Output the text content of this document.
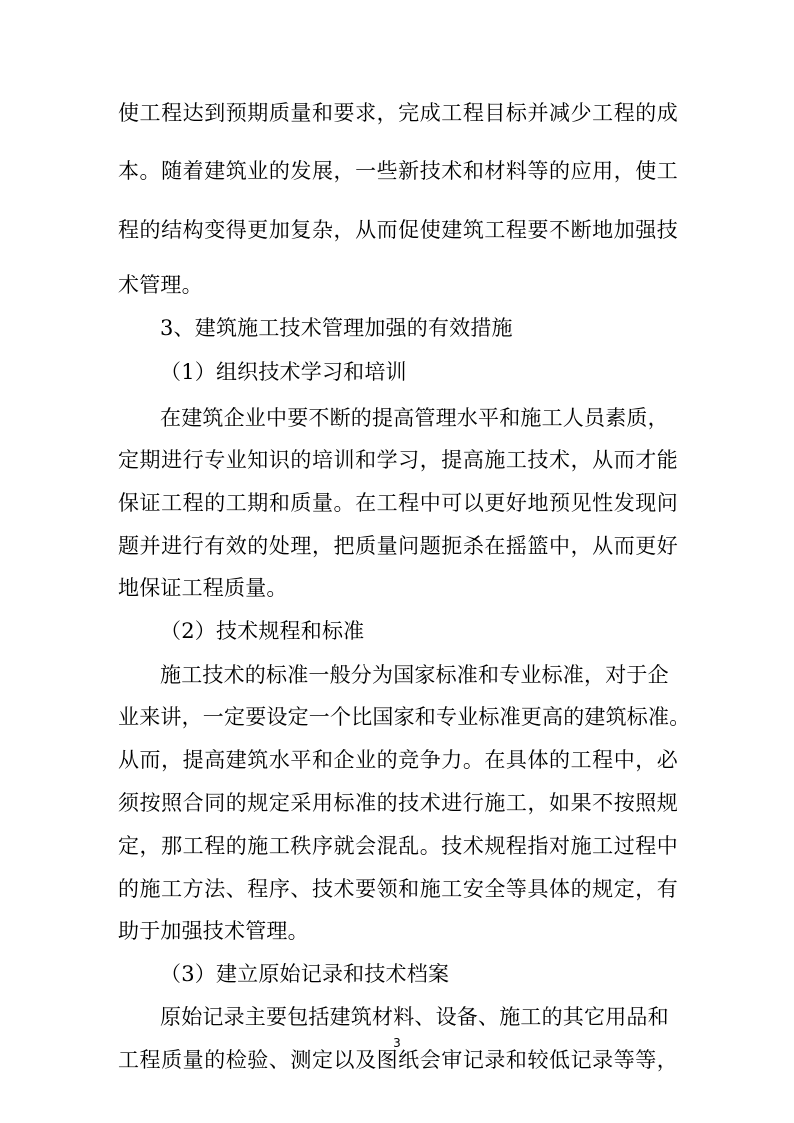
使工程达到预期质量和要求，完成工程目标并减少工程的成
本。随着建筑业的发展，一些新技术和材料等的应用，使工
程的结构变得更加复杂，从而促使建筑工程要不断地加强技
术管理。
3、建筑施工技术管理加强的有效措施
（1）组织技术学习和培训
在建筑企业中要不断的提高管理水平和施工人员素质，
定期进行专业知识的培训和学习，提高施工技术，从而才能
保证工程的工期和质量。在工程中可以更好地预见性发现问
题并进行有效的处理，把质量问题扼杀在摇篮中，从而更好
地保证工程质量。
（2）技术规程和标准
施工技术的标准一般分为国家标准和专业标准，对于企
业来讲，一定要设定一个比国家和专业标准更高的建筑标准。
从而，提高建筑水平和企业的竞争力。在具体的工程中，必
须按照合同的规定采用标准的技术进行施工，如果不按照规
定，那工程的施工秩序就会混乱。技术规程指对施工过程中
的施工方法、程序、技术要领和施工安全等具体的规定，有
助于加强技术管理。
（3）建立原始记录和技术档案
原始记录主要包括建筑材料、设备、施工的其它用品和
工程质量的检验、测定以及图纸会审记录和较低记录等等，
3
